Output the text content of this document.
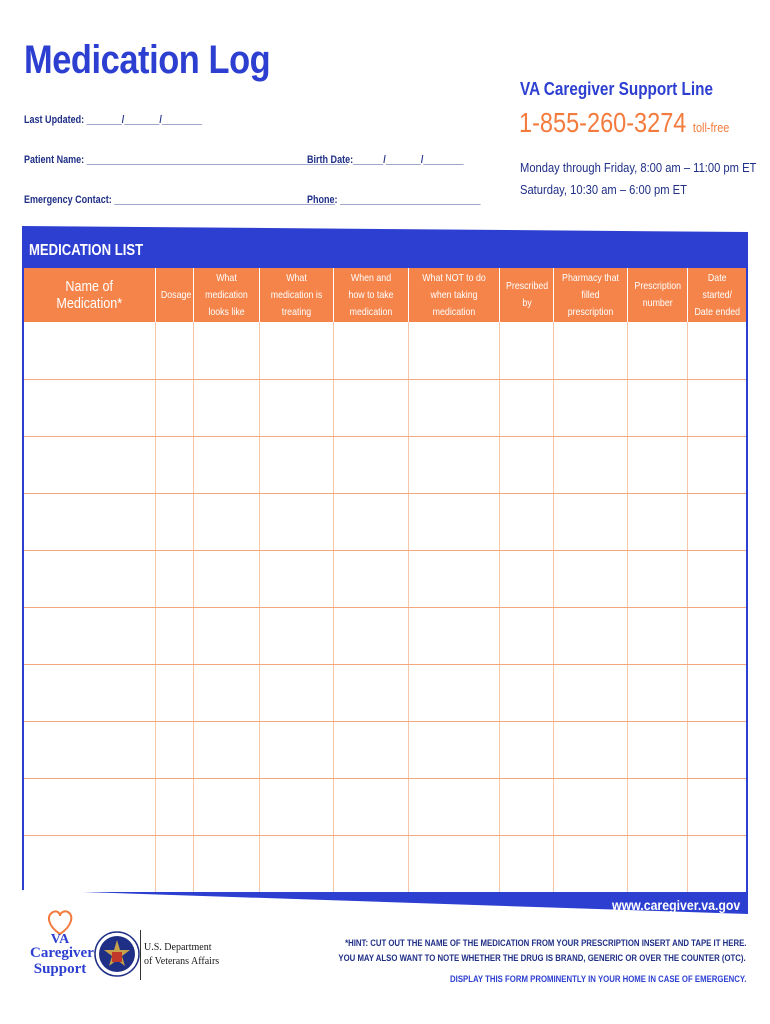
Medication Log
Last Updated: _______/_______/________
Patient Name: ____________________________________________________
Birth Date:______/_______/________
Emergency Contact: ____________________________________________
Phone: ____________________________
VA Caregiver Support Line
1-855-260-3274 toll-free
Monday through Friday, 8:00 am – 11:00 pm ET
Saturday, 10:30 am – 6:00 pm ET
MEDICATION LIST
Name of Medication*	Dosage	What medication looks like	What medication is treating	When and how to take medication	What NOT to do when taking medication	Prescribed by	Pharmacy that filled prescription	Prescription number	Date started/ Date ended

www.caregiver.va.gov
VA
Caregiver
Support
U.S. Department
of Veterans Affairs
*HINT: CUT OUT THE NAME OF THE MEDICATION FROM YOUR PRESCRIPTION INSERT AND TAPE IT HERE.
YOU MAY ALSO WANT TO NOTE WHETHER THE DRUG IS BRAND, GENERIC OR OVER THE COUNTER (OTC).
DISPLAY THIS FORM PROMINENTLY IN YOUR HOME IN CASE OF EMERGENCY.
